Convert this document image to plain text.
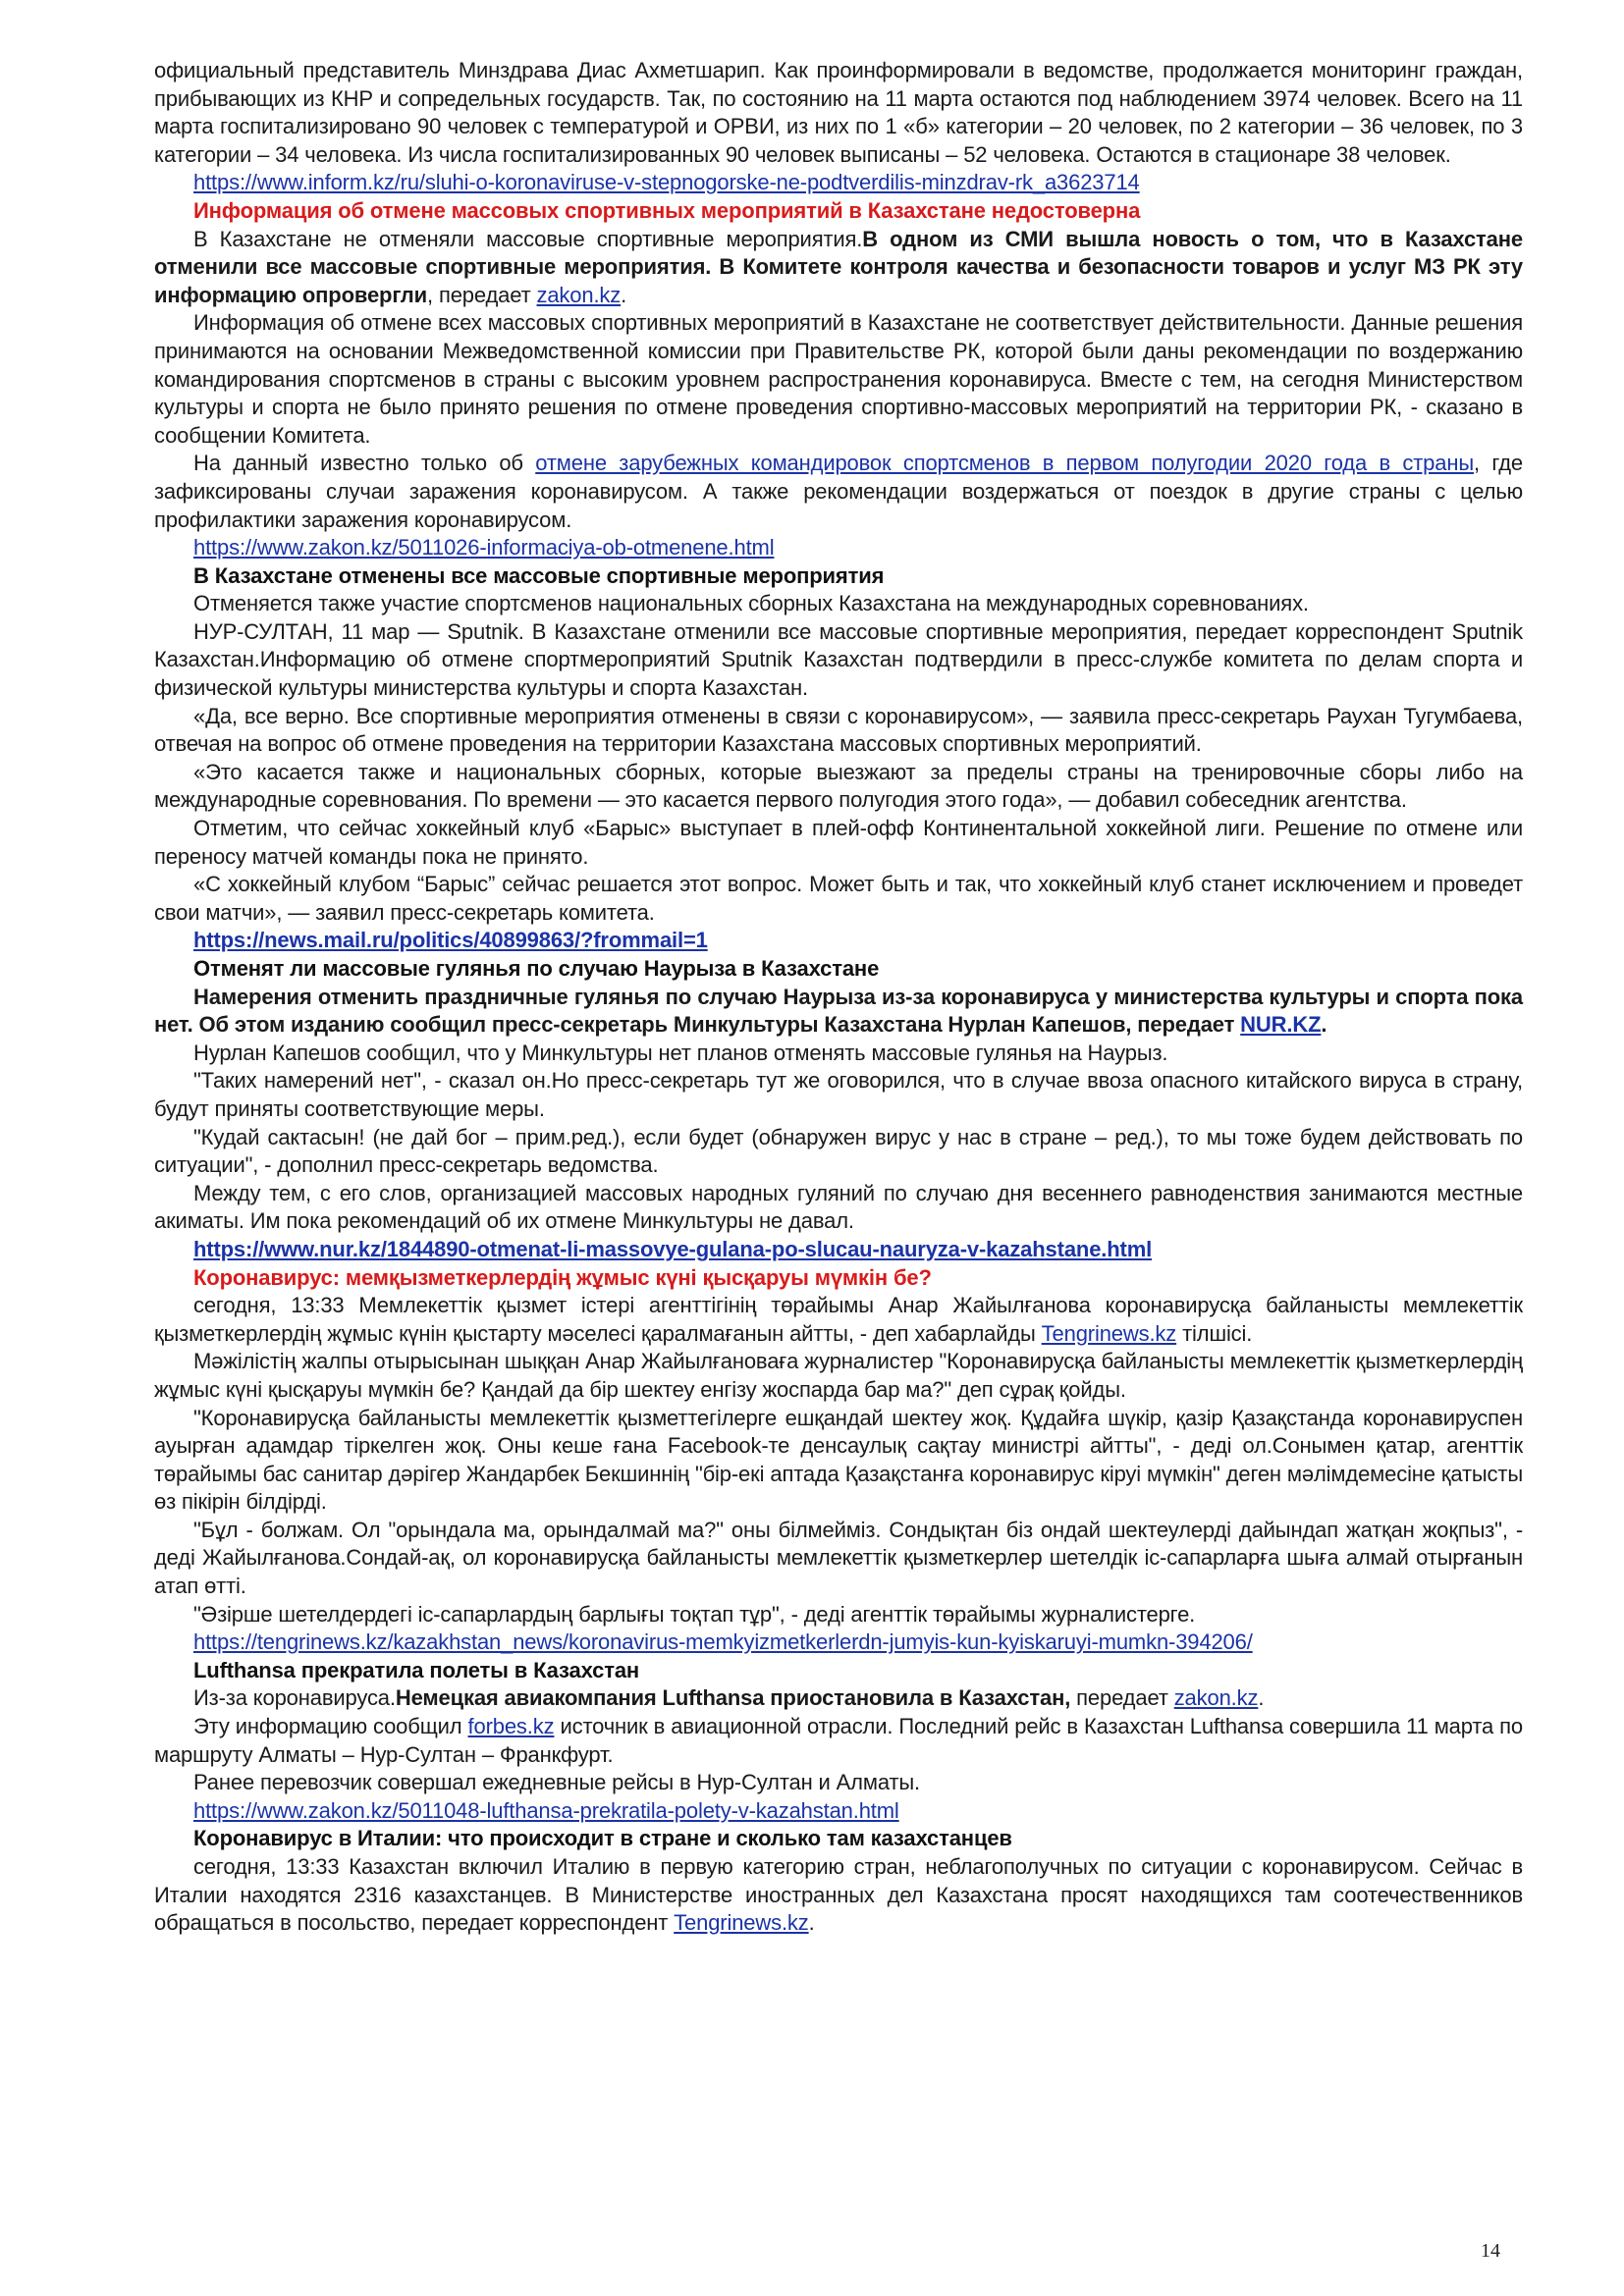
официальный представитель Минздрава Диас Ахметшарип. Как проинформировали в ведомстве, продолжается мониторинг граждан, прибывающих из КНР и сопредельных государств. Так, по состоянию на 11 марта остаются под наблюдением 3974 человек. Всего на 11 марта госпитализировано 90 человек с температурой и ОРВИ, из них по 1 «б» категории – 20 человек, по 2 категории – 36 человек, по 3 категории – 34 человека. Из числа госпитализированных 90 человек выписаны – 52 человека. Остаются в стационаре 38 человек.

https://www.inform.kz/ru/sluhi-o-koronaviruse-v-stepnogorske-ne-podtverdilis-minzdrav-rk_a3623714

Информация об отмене массовых спортивных мероприятий в Казахстане недостоверна

В Казахстане не отменяли массовые спортивные мероприятия.В одном из СМИ вышла новость о том, что в Казахстане отменили все массовые спортивные мероприятия. В Комитете контроля качества и безопасности товаров и услуг МЗ РК эту информацию опровергли, передает zakon.kz.

Информация об отмене всех массовых спортивных мероприятий в Казахстане не соответствует действительности. Данные решения принимаются на основании Межведомственной комиссии при Правительстве РК, которой были даны рекомендации по воздержанию командирования спортсменов в страны с высоким уровнем распространения коронавируса. Вместе с тем, на сегодня Министерством культуры и спорта не было принято решения по отмене проведения спортивно-массовых мероприятий на территории РК, - сказано в сообщении Комитета.

На данный известно только об отмене зарубежных командировок спортсменов в первом полугодии 2020 года в страны, где зафиксированы случаи заражения коронавирусом. А также рекомендации воздержаться от поездок в другие страны с целью профилактики заражения коронавирусом.

https://www.zakon.kz/5011026-informaciya-ob-otmenene.html

В Казахстане отменены все массовые спортивные мероприятия

Отменяется также участие спортсменов национальных сборных Казахстана на международных соревнованиях.

НУР-СУЛТАН, 11 мар — Sputnik. В Казахстане отменили все массовые спортивные мероприятия, передает корреспондент Sputnik Казахстан.Информацию об отмене спортмероприятий Sputnik Казахстан подтвердили в пресс-службе комитета по делам спорта и физической культуры министерства культуры и спорта Казахстан.

«Да, все верно. Все спортивные мероприятия отменены в связи с коронавирусом», — заявила пресс-секретарь Раухан Тугумбаева, отвечая на вопрос об отмене проведения на территории Казахстана массовых спортивных мероприятий.

«Это касается также и национальных сборных, которые выезжают за пределы страны на тренировочные сборы либо на международные соревнования. По времени — это касается первого полугодия этого года», — добавил собеседник агентства.

Отметим, что сейчас хоккейный клуб «Барыс» выступает в плей-офф Континентальной хоккейной лиги. Решение по отмене или переносу матчей команды пока не принято.

«С хоккейный клубом “Барыс” сейчас решается этот вопрос. Может быть и так, что хоккейный клуб станет исключением и проведет свои матчи», — заявил пресс-секретарь комитета.

https://news.mail.ru/politics/40899863/?frommail=1

Отменят ли массовые гулянья по случаю Наурыза в Казахстане

Намерения отменить праздничные гулянья по случаю Наурыза из-за коронавируса у министерства культуры и спорта пока нет. Об этом изданию сообщил пресс-секретарь Минкультуры Казахстана Нурлан Капешов, передает NUR.KZ.

Нурлан Капешов сообщил, что у Минкультуры нет планов отменять массовые гулянья на Наурыз.

"Таких намерений нет", - сказал он.Но пресс-секретарь тут же оговорился, что в случае ввоза опасного китайского вируса в страну, будут приняты соответствующие меры.

"Кудай сактасын! (не дай бог – прим.ред.), если будет (обнаружен вирус у нас в стране – ред.), то мы тоже будем действовать по ситуации", - дополнил пресс-секретарь ведомства.

Между тем, с его слов, организацией массовых народных гуляний по случаю дня весеннего равноденствия занимаются местные акиматы. Им пока рекомендаций об их отмене Минкультуры не давал.

https://www.nur.kz/1844890-otmenat-li-massovye-gulana-po-slucau-nauryza-v-kazahstane.html

Коронавирус: мемқызметкерлердің жұмыс күні қысқаруы мүмкін бе?

сегодня, 13:33 Мемлекеттік қызмет істері агенттігінің төрайымы Анар Жайылғанова коронавирусқа байланысты мемлекеттік қызметкерлердің жұмыс күнін қыстарту мәселесі қаралмағанын айтты, - деп хабарлайды Tengrinews.kz тілшісі.

Мәжілістің жалпы отырысынан шыққан Анар Жайылғановаға журналистер "Коронавирусқа байланысты мемлекеттік қызметкерлердің жұмыс күні қысқаруы мүмкін бе? Қандай да бір шектеу енгізу жоспарда бар ма?" деп сұрақ қойды.

"Коронавирусқа байланысты мемлекеттік қызметтегілерге ешқандай шектеу жоқ. Құдайға шүкір, қазір Қазақстанда коронавируспен ауырған адамдар тіркелген жоқ. Оны кеше ғана Facebook-те денсаулық сақтау министрі айтты", - деді ол.Сонымен қатар, агенттік төрайымы бас санитар дәрігер Жандарбек Бекшиннің "бір-екі аптада Қазақстанға коронавирус кіруі мүмкін" деген мәлімдемесіне қатысты өз пікірін білдірді.

"Бұл - болжам. Ол "орындала ма, орындалмай ма?" оны білмейміз. Сондықтан біз ондай шектеулерді дайындап жатқан жоқпыз", - деді Жайылғанова.Сондай-ақ, ол коронавирусқа байланысты мемлекеттік қызметкерлер шетелдік іс-сапарларға шыға алмай отырғанын атап өтті.

"Әзірше шетелдердегі іс-сапарлардың барлығы тоқтап тұр", - деді агенттік төрайымы журналистерге.

https://tengrinews.kz/kazakhstan_news/koronavirus-memkyizmetkerlerdn-jumyis-kun-kyiskaruyi-mumkn-394206/

Lufthansa прекратила полеты в Казахстан

Из-за коронавируса.Немецкая авиакомпания Lufthansa приостановила в Казахстан, передает zakon.kz.

Эту информацию сообщил forbes.kz источник в авиационной отрасли. Последний рейс в Казахстан Lufthansa совершила 11 марта по маршруту Алматы – Нур-Султан – Франкфурт.

Ранее перевозчик совершал ежедневные рейсы в Нур-Султан и Алматы.

https://www.zakon.kz/5011048-lufthansa-prekratila-polety-v-kazahstan.html

Коронавирус в Италии: что происходит в стране и сколько там казахстанцев

сегодня, 13:33 Казахстан включил Италию в первую категорию стран, неблагополучных по ситуации с коронавирусом. Сейчас в Италии находятся 2316 казахстанцев. В Министерстве иностранных дел Казахстана просят находящихся там соотечественников обращаться в посольство, передает корреспондент Tengrinews.kz.

14
